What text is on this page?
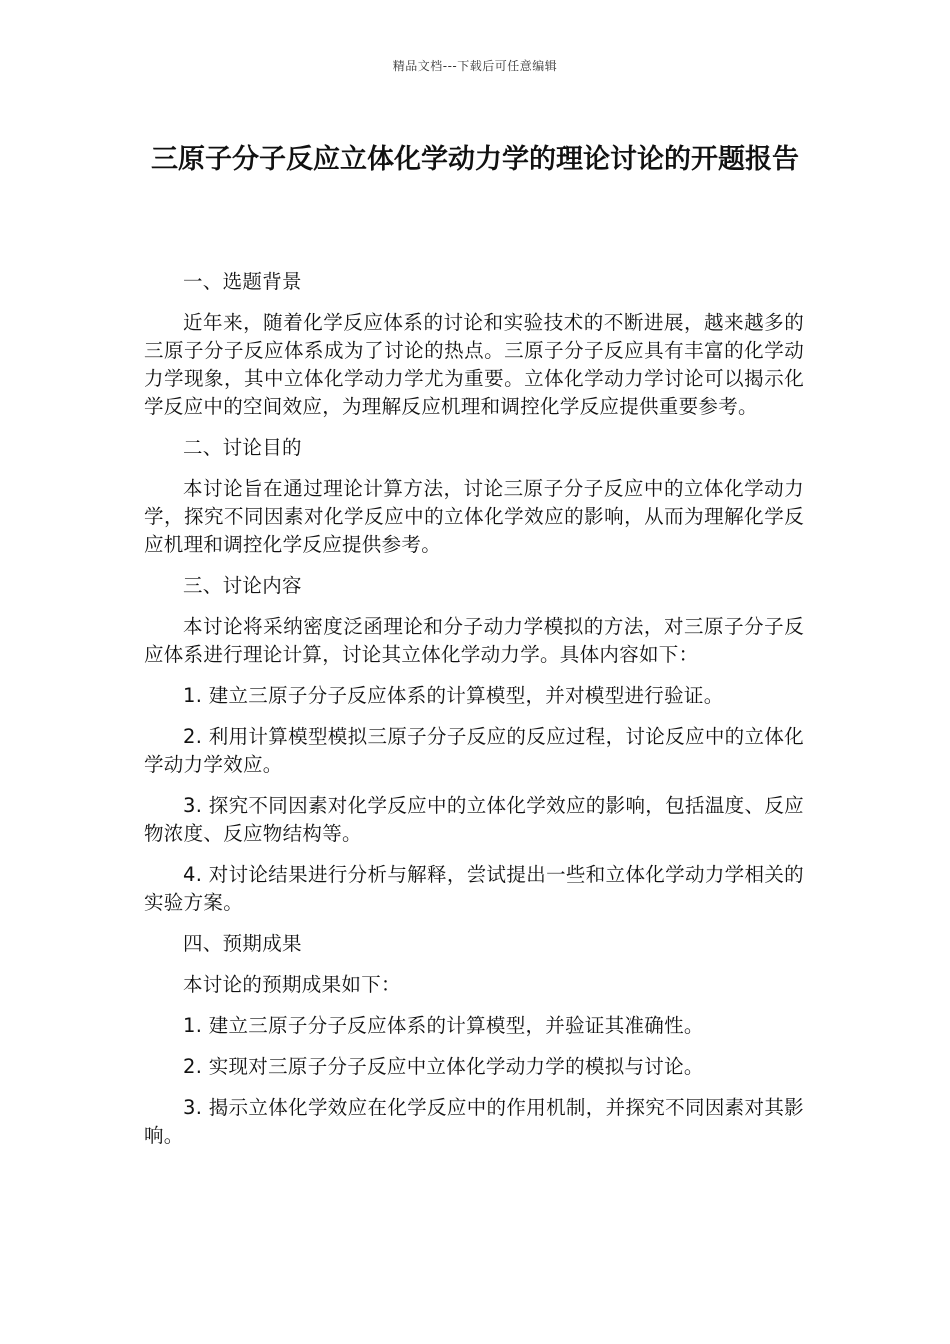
精品文档---下载后可任意编辑
三原子分子反应立体化学动力学的理论讨论的开题报告

一、选题背景

近年来，随着化学反应体系的讨论和实验技术的不断进展，越来越多的三原子分子反应体系成为了讨论的热点。三原子分子反应具有丰富的化学动力学现象，其中立体化学动力学尤为重要。立体化学动力学讨论可以揭示化学反应中的空间效应，为理解反应机理和调控化学反应提供重要参考。

二、讨论目的

本讨论旨在通过理论计算方法，讨论三原子分子反应中的立体化学动力学，探究不同因素对化学反应中的立体化学效应的影响，从而为理解化学反应机理和调控化学反应提供参考。

三、讨论内容

本讨论将采纳密度泛函理论和分子动力学模拟的方法，对三原子分子反应体系进行理论计算，讨论其立体化学动力学。具体内容如下：

1. 建立三原子分子反应体系的计算模型，并对模型进行验证。

2. 利用计算模型模拟三原子分子反应的反应过程，讨论反应中的立体化学动力学效应。

3. 探究不同因素对化学反应中的立体化学效应的影响，包括温度、反应物浓度、反应物结构等。

4. 对讨论结果进行分析与解释，尝试提出一些和立体化学动力学相关的实验方案。

四、预期成果

本讨论的预期成果如下：

1. 建立三原子分子反应体系的计算模型，并验证其准确性。

2. 实现对三原子分子反应中立体化学动力学的模拟与讨论。

3. 揭示立体化学效应在化学反应中的作用机制，并探究不同因素对其影响。
